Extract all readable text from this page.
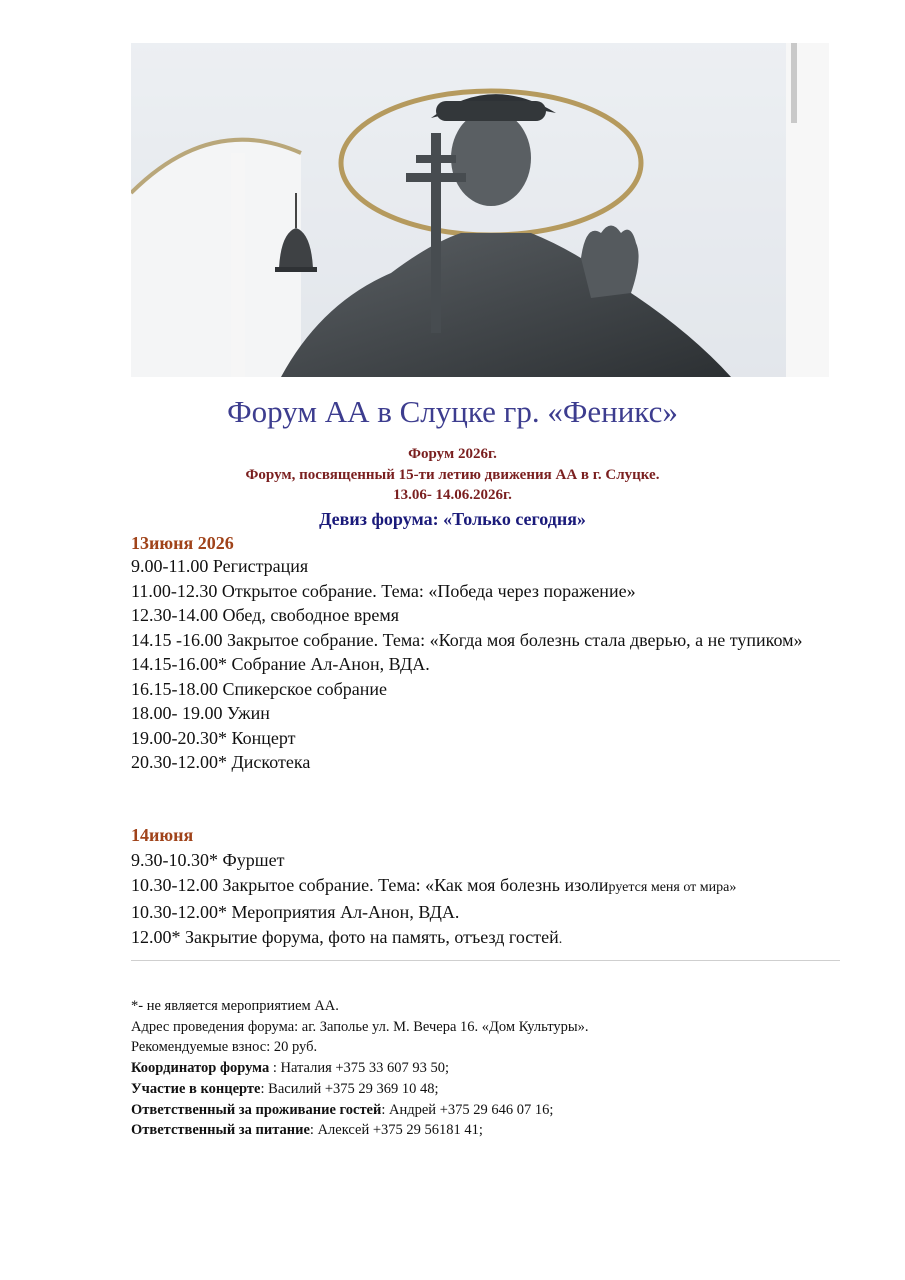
Форум АА в Слуцке гр. «Феникс»
Форум 2026г.
Форум, посвященный 15-ти летию движения АА в г. Слуцке.
13.06- 14.06.2026г.
Девиз форума: «Только сегодня»
13июня 2026
9.00-11.00 Регистрация
11.00-12.30 Открытое собрание. Тема: «Победа через поражение»
12.30-14.00 Обед, свободное время
14.15 -16.00 Закрытое собрание. Тема: «Когда моя болезнь стала дверью, а не тупиком»
14.15-16.00* Собрание Ал-Анон, ВДА.
16.15-18.00 Спикерское собрание
18.00- 19.00 Ужин
19.00-20.30* Концерт
20.30-12.00* Дискотека
14июня
9.30-10.30* Фуршет
10.30-12.00 Закрытое собрание. Тема: «Как моя болезнь изолируется меня от мира»
10.30-12.00* Мероприятия Ал-Анон, ВДА.
12.00* Закрытие форума, фото на память, отъезд гостей.
*- не является мероприятием АА.
Адрес проведения форума: аг. Заполье ул. М. Вечера 16. «Дом Культуры».
Рекомендуемые взнос: 20 руб.
Координатор форума : Наталия +375 33 607 93 50;
Участие в концерте: Василий +375 29 369 10 48;
Ответственный за проживание гостей: Андрей +375 29 646 07 16;
Ответственный за питание: Алексей +375 29 56181 41;
